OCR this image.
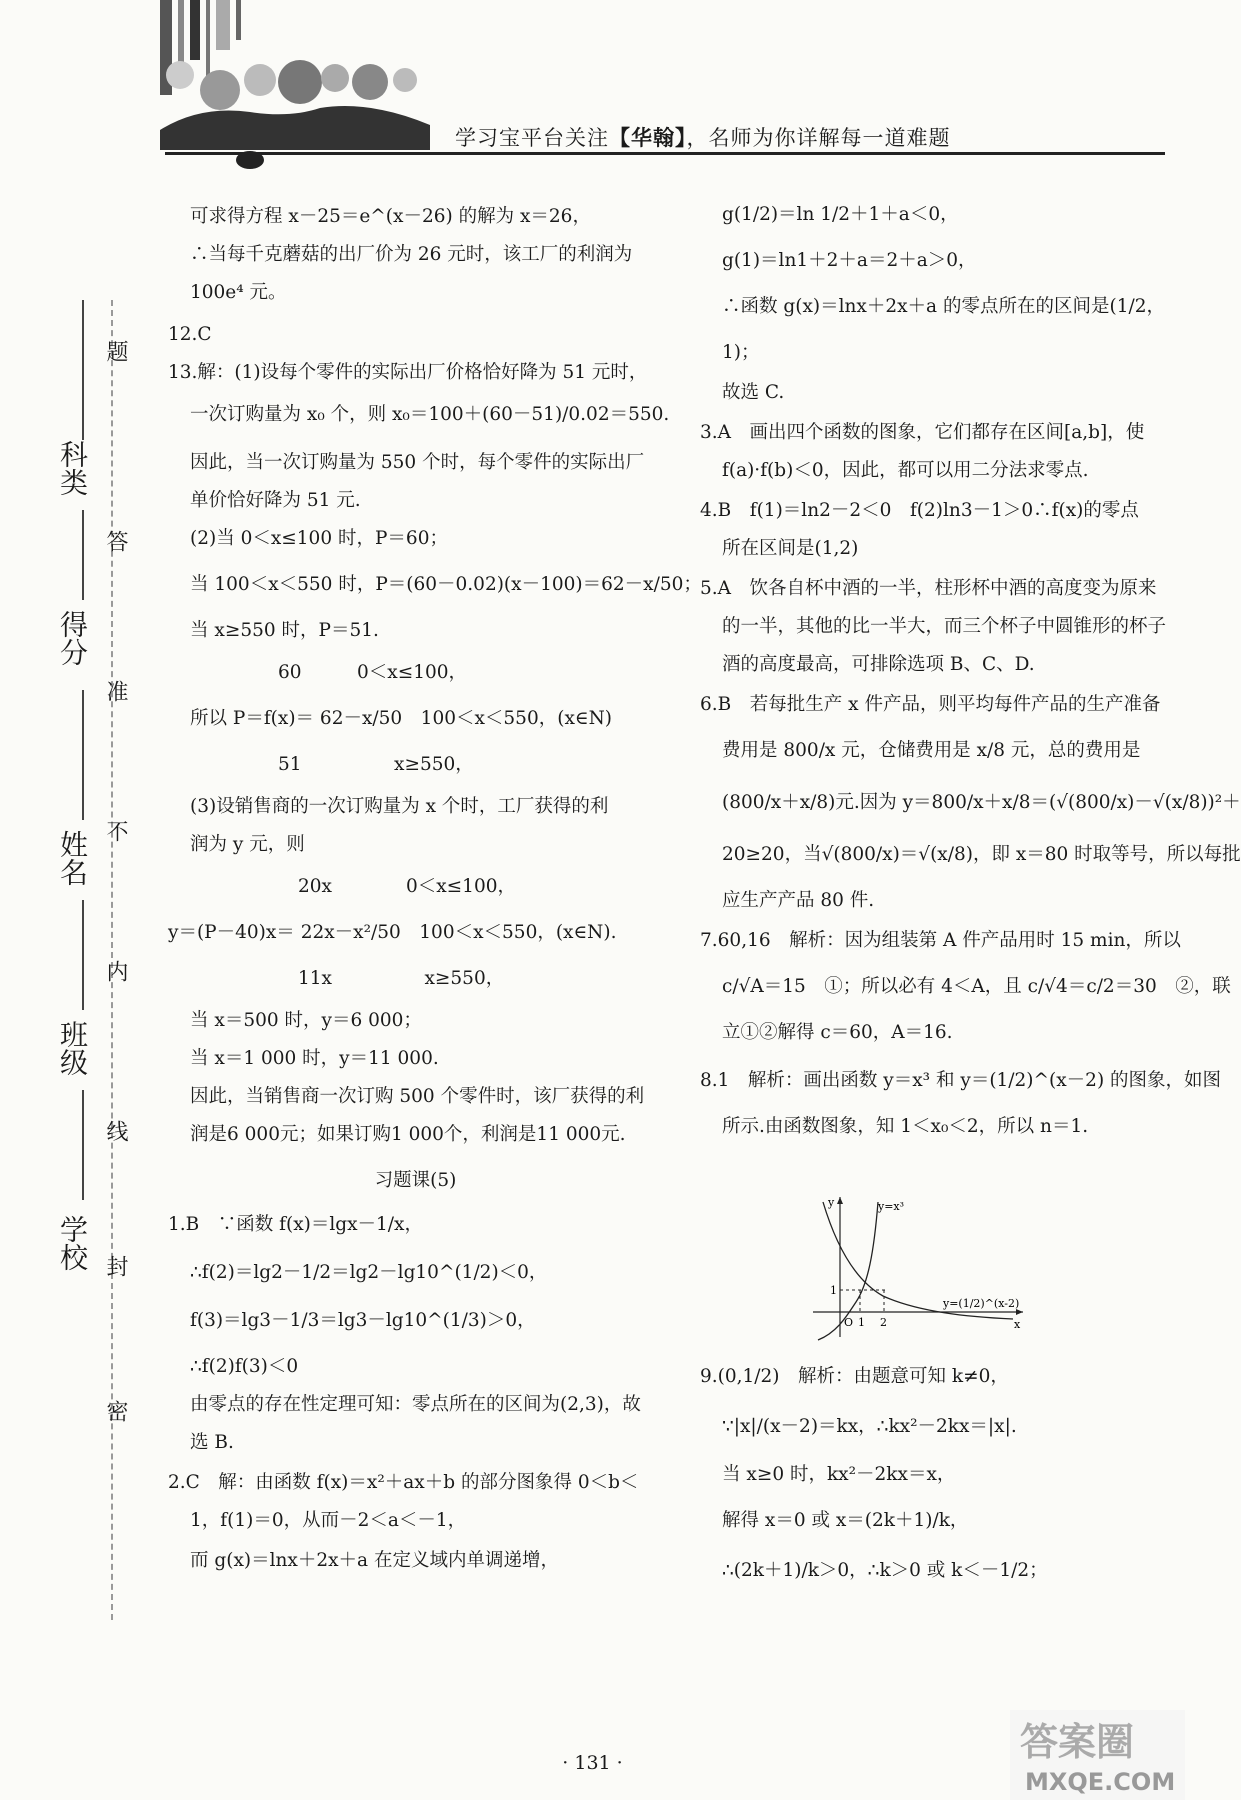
学习宝平台关注【华翰】，名师为你详解每一道难题
科类
得分
姓名
班级
学校
题
答
准
不
内
线
封
密
可求得方程 x－25＝e^(x－26) 的解为 x＝26，
∴当每千克蘑菇的出厂价为 26 元时，该工厂的利润为
100e⁴ 元。
12.C
13.解：(1)设每个零件的实际出厂价格恰好降为 51 元时，
一次订购量为 x₀ 个，则 x₀＝100＋(60－51)/0.02＝550.
因此，当一次订购量为 550 个时，每个零件的实际出厂
单价恰好降为 51 元.
(2)当 0＜x≤100 时，P＝60；
当 100＜x＜550 时，P＝(60－0.02)(x－100)＝62－x/50；
当 x≥550 时，P＝51.
60　　　0＜x≤100，
所以 P＝f(x)＝ 62－x/50　100＜x＜550，(x∈N)
51　　　　　x≥550，
(3)设销售商的一次订购量为 x 个时，工厂获得的利
润为 y 元，则
20x　　　　0＜x≤100，
y＝(P－40)x＝ 22x－x²/50　100＜x＜550，(x∈N).
11x　　　　　x≥550，
当 x＝500 时，y＝6 000；
当 x＝1 000 时，y＝11 000.
因此，当销售商一次订购 500 个零件时，该厂获得的利
润是6 000元；如果订购1 000个，利润是11 000元.
习题课(5)
1.B　∵函数 f(x)＝lgx－1/x，
∴f(2)＝lg2－1/2＝lg2－lg10^(1/2)＜0，
f(3)＝lg3－1/3＝lg3－lg10^(1/3)＞0，
∴f(2)f(3)＜0
由零点的存在性定理可知：零点所在的区间为(2,3)，故
选 B.
2.C　解：由函数 f(x)＝x²＋ax＋b 的部分图象得 0＜b＜
1，f(1)＝0，从而－2＜a＜－1，
而 g(x)＝lnx＋2x＋a 在定义域内单调递增，
g(1/2)＝ln 1/2＋1＋a＜0，
g(1)＝ln1＋2＋a＝2＋a＞0，
∴函数 g(x)＝lnx＋2x＋a 的零点所在的区间是(1/2，
1)；
故选 C.
3.A　画出四个函数的图象，它们都存在区间[a,b]，使
f(a)·f(b)＜0，因此，都可以用二分法求零点.
4.B　f(1)＝ln2－2＜0　f(2)ln3－1＞0∴f(x)的零点
所在区间是(1,2)
5.A　饮各自杯中酒的一半，柱形杯中酒的高度变为原来
的一半，其他的比一半大，而三个杯子中圆锥形的杯子
酒的高度最高，可排除选项 B、C、D.
6.B　若每批生产 x 件产品，则平均每件产品的生产准备
费用是 800/x 元，仓储费用是 x/8 元，总的费用是
(800/x＋x/8)元.因为 y＝800/x＋x/8＝(√(800/x)－√(x/8))²＋
20≥20，当√(800/x)＝√(x/8)，即 x＝80 时取等号，所以每批
应生产产品 80 件.
7.60,16　解析：因为组装第 A 件产品用时 15 min，所以
c/√A＝15　①；所以必有 4＜A，且 c/√4＝c/2＝30　②，联
立①②解得 c＝60，A＝16.
8.1　解析：画出函数 y＝x³ 和 y＝(1/2)^(x－2) 的图象，如图
所示.由函数图象，知 1＜x₀＜2，所以 n＝1.
9.(0,1/2)　解析：由题意可知 k≠0，
∵|x|/(x－2)＝kx，∴kx²－2kx＝|x|.
当 x≥0 时，kx²－2kx＝x，
解得 x＝0 或 x＝(2k＋1)/k，
∴(2k＋1)/k＞0，∴k＞0 或 k＜－1/2；
y=x³
y=(1/2)^(x-2)
x
y
O 1 2
1
· 131 ·	答案圈
MXQE.COM
